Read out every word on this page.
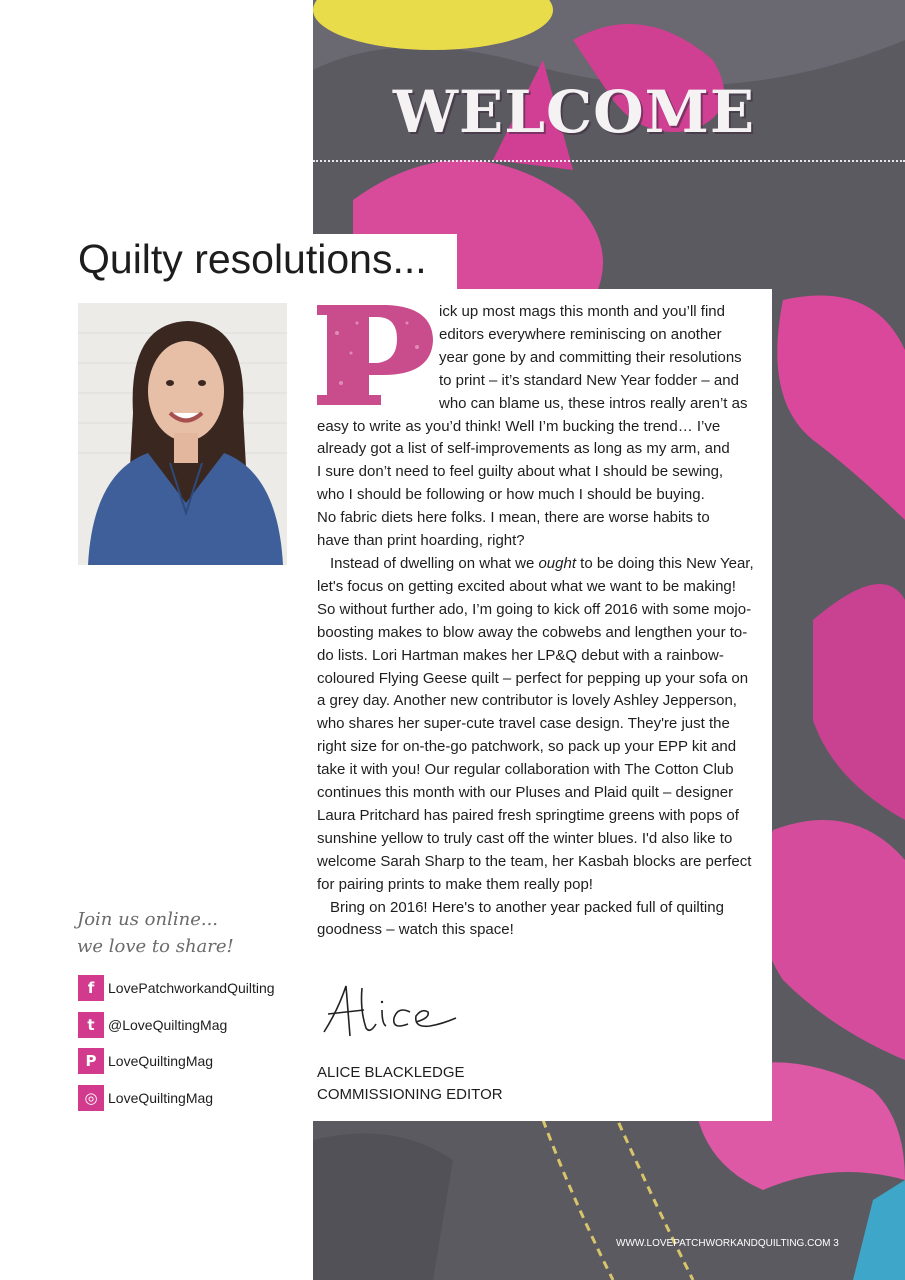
WELCOME
Quilty resolutions...

ick up most mags this month and you’ll find
editors everywhere reminiscing on another
year gone by and committing their resolutions
to print – it’s standard New Year fodder – and
who can blame us, these intros really aren’t as
easy to write as you’d think! Well I’m bucking the trend… I’ve
already got a list of self-improvements as long as my arm, and
I sure don’t need to feel guilty about what I should be sewing,
who I should be following or how much I should be buying.
No fabric diets here folks. I mean, there are worse habits to
have than print hoarding, right?

Instead of dwelling on what we ought to be doing this New Year, let's focus on getting excited about what we want to be making! So without further ado, I’m going to kick off 2016 with some mojo-boosting makes to blow away the cobwebs and lengthen your to-do lists. Lori Hartman makes her LP&Q debut with a rainbow-coloured Flying Geese quilt – perfect for pepping up your sofa on a grey day. Another new contributor is lovely Ashley Jepperson, who shares her super-cute travel case design. They're just the right size for on-the-go patchwork, so pack up your EPP kit and take it with you! Our regular collaboration with The Cotton Club continues this month with our Pluses and Plaid quilt – designer Laura Pritchard has paired fresh springtime greens with pops of sunshine yellow to truly cast off the winter blues. I'd also like to welcome Sarah Sharp to the team, her Kasbah blocks are perfect for pairing prints to make them really pop!

Bring on 2016! Here's to another year packed full of quilting goodness – watch this space!

ALICE BLACKLEDGE
COMMISSIONING EDITOR
Join us online...
we love to share!
f LovePatchworkandQuilting
t @LoveQuiltingMag
P LoveQuiltingMag
◎ LoveQuiltingMag
WWW.LOVEPATCHWORKANDQUILTING.COM 3
